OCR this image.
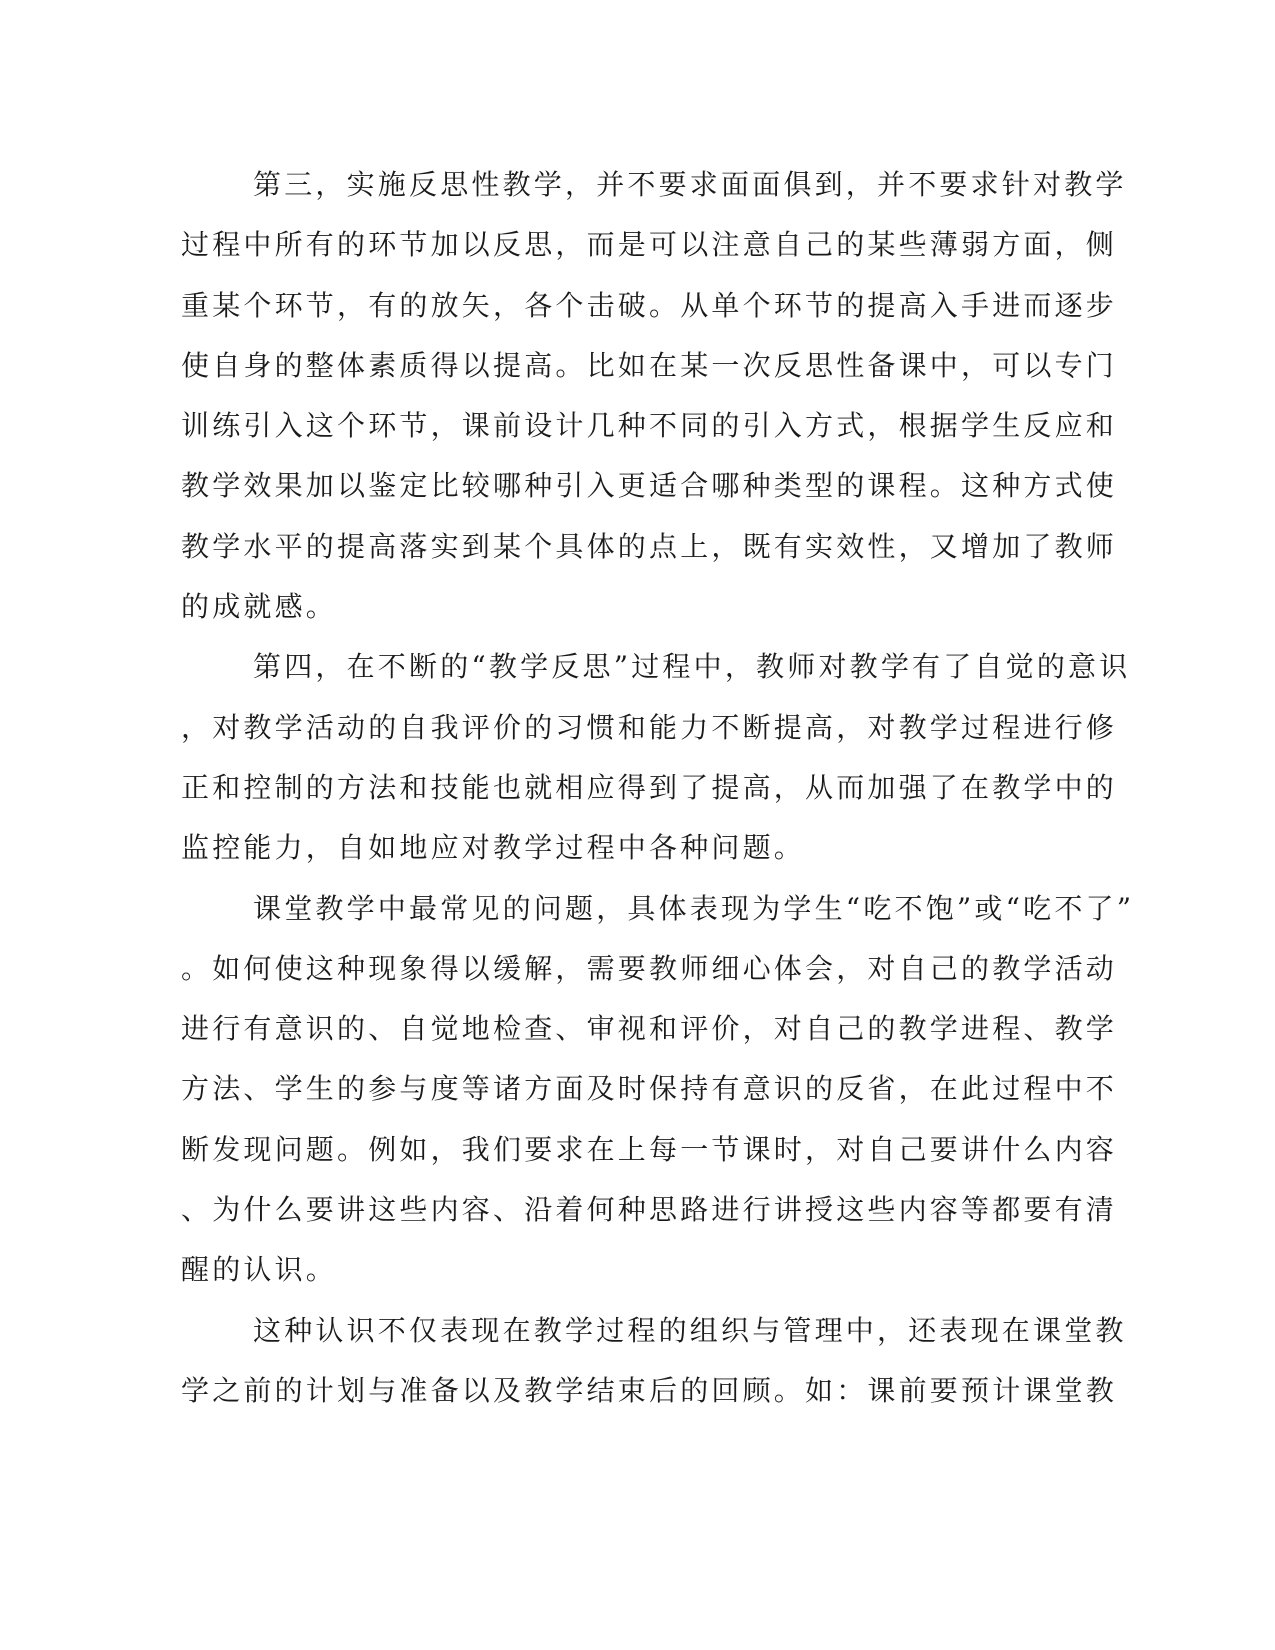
第三，实施反思性教学，并不要求面面俱到，并不要求针对教学
过程中所有的环节加以反思，而是可以注意自己的某些薄弱方面，侧
重某个环节，有的放矢，各个击破。从单个环节的提高入手进而逐步
使自身的整体素质得以提高。比如在某一次反思性备课中，可以专门
训练引入这个环节，课前设计几种不同的引入方式，根据学生反应和
教学效果加以鉴定比较哪种引入更适合哪种类型的课程。这种方式使
教学水平的提高落实到某个具体的点上，既有实效性，又增加了教师
的成就感。
第四，在不断的“教学反思”过程中，教师对教学有了自觉的意识
，对教学活动的自我评价的习惯和能力不断提高，对教学过程进行修
正和控制的方法和技能也就相应得到了提高，从而加强了在教学中的
监控能力，自如地应对教学过程中各种问题。
课堂教学中最常见的问题，具体表现为学生“吃不饱”或“吃不了”
。如何使这种现象得以缓解，需要教师细心体会，对自己的教学活动
进行有意识的、自觉地检查、审视和评价，对自己的教学进程、教学
方法、学生的参与度等诸方面及时保持有意识的反省，在此过程中不
断发现问题。例如，我们要求在上每一节课时，对自己要讲什么内容
、为什么要讲这些内容、沿着何种思路进行讲授这些内容等都要有清
醒的认识。
这种认识不仅表现在教学过程的组织与管理中，还表现在课堂教
学之前的计划与准备以及教学结束后的回顾。如：课前要预计课堂教
